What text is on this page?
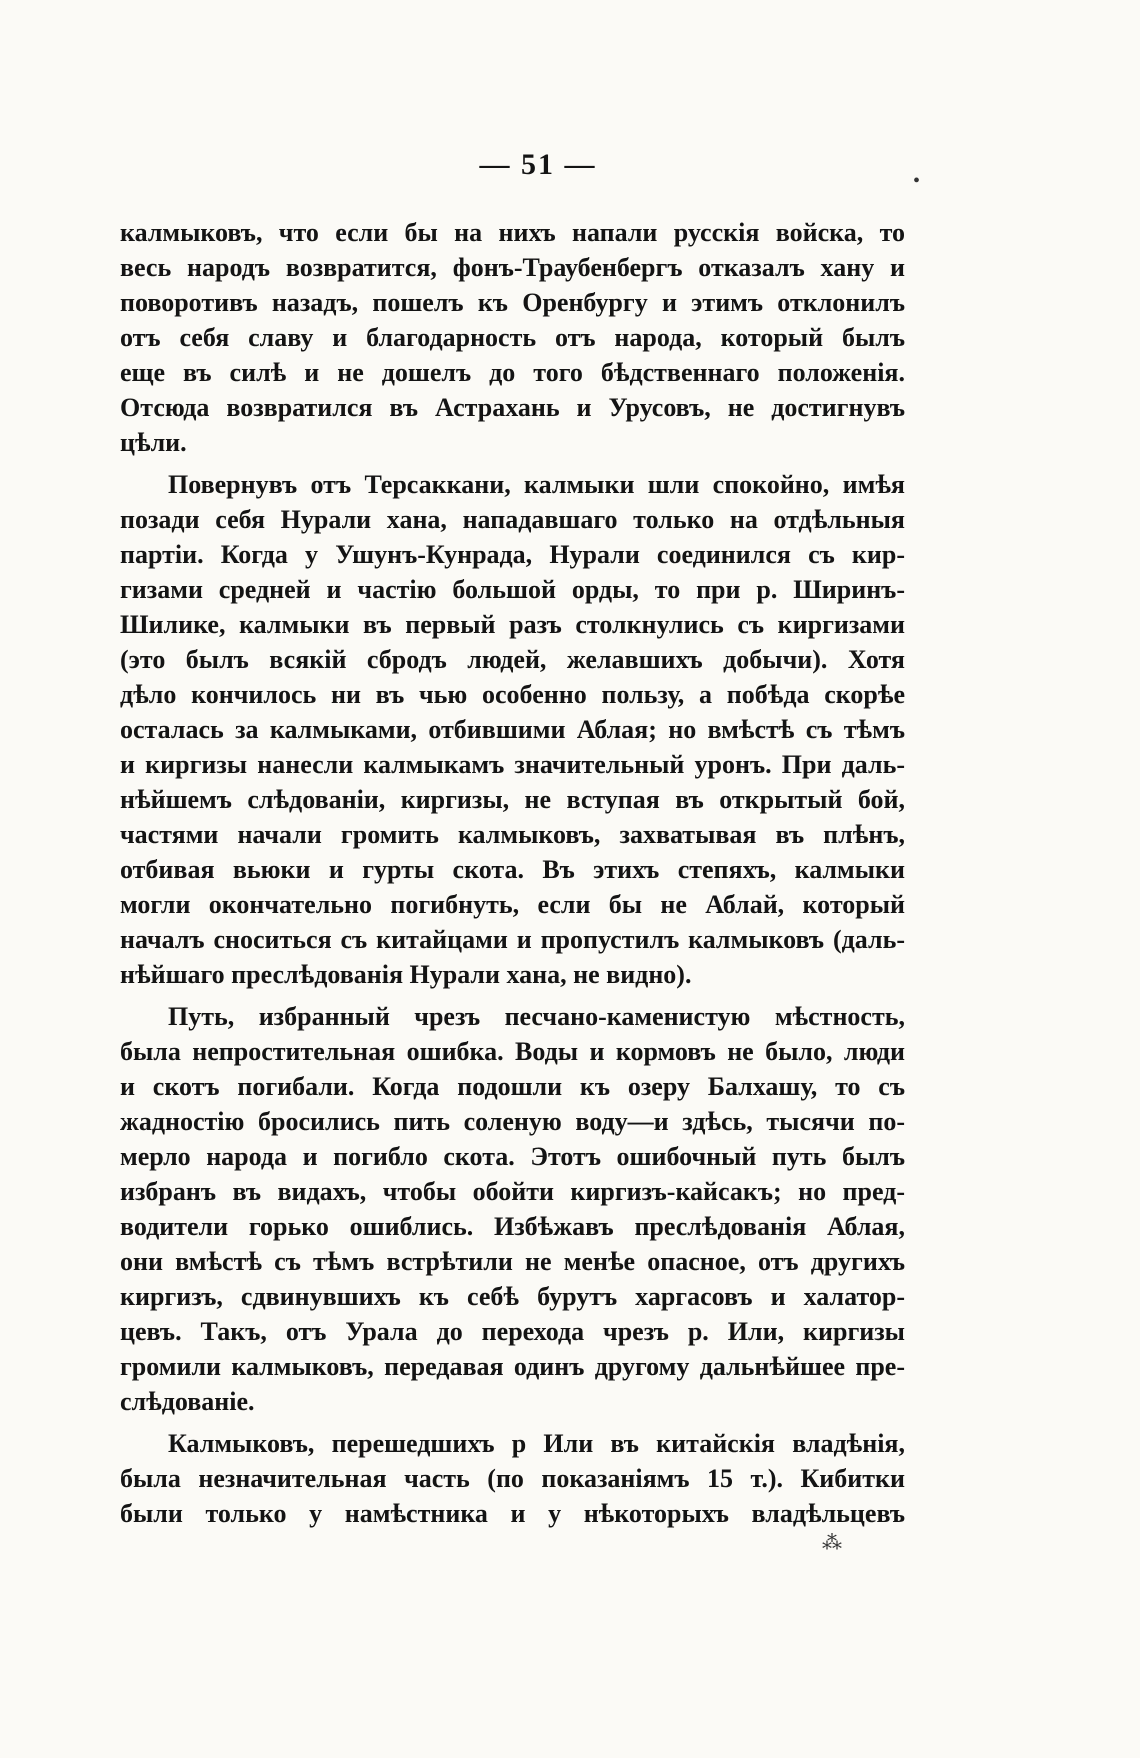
— 51 —
калмыковъ, что если бы на нихъ напали русскія войска, то
весь народъ возвратится, фонъ-Траубенбергъ отказалъ хану и
поворотивъ назадъ, пошелъ къ Оренбургу и этимъ отклонилъ
отъ себя славу и благодарность отъ народа, который былъ
еще въ силѣ и не дошелъ до того бѣдственнаго положенія.
Отсюда возвратился въ Астрахань и Урусовъ, не достигнувъ
цѣли.
Повернувъ отъ Терсаккани, калмыки шли спокойно, имѣя
позади себя Нурали хана, нападавшаго только на отдѣльныя
партіи. Когда у Ушунъ-Кунрада, Нурали соединился съ кир-
гизами средней и частію большой орды, то при р. Ширинъ-
Шилике, калмыки въ первый разъ столкнулись съ киргизами
(это былъ всякій сбродъ людей, желавшихъ добычи). Хотя
дѣло кончилось ни въ чью особенно пользу, а побѣда скорѣе
осталась за калмыками, отбившими Аблая; но вмѣстѣ съ тѣмъ
и киргизы нанесли калмыкамъ значительный уронъ. При даль-
нѣйшемъ слѣдованіи, киргизы, не вступая въ открытый бой,
частями начали громить калмыковъ, захватывая въ плѣнъ,
отбивая вьюки и гурты скота. Въ этихъ степяхъ, калмыки
могли окончательно погибнуть, если бы не Аблай, который
началъ сноситься съ китайцами и пропустилъ калмыковъ (даль-
нѣйшаго преслѣдованія Нурали хана, не видно).
Путь, избранный чрезъ песчано-каменистую мѣстность,
была непростительная ошибка. Воды и кормовъ не было, люди
и скотъ погибали. Когда подошли къ озеру Балхашу, то съ
жадностію бросились пить соленую воду—и здѣсь, тысячи по-
мерло народа и погибло скота. Этотъ ошибочный путь былъ
избранъ въ видахъ, чтобы обойти киргизъ-кайсакъ; но пред-
водители горько ошиблись. Избѣжавъ преслѣдованія Аблая,
они вмѣстѣ съ тѣмъ встрѣтили не менѣе опасное, отъ другихъ
киргизъ, сдвинувшихъ къ себѣ бурутъ харгасовъ и халатор-
цевъ. Такъ, отъ Урала до перехода чрезъ р. Или, киргизы
громили калмыковъ, передавая одинъ другому дальнѣйшее пре-
слѣдованіе.
Калмыковъ, перешедшихъ р Или въ китайскія владѣнія,
была незначительная часть (по показаніямъ 15 т.). Кибитки
были только у намѣстника и у нѣкоторыхъ владѣльцевъ
•
⁂
